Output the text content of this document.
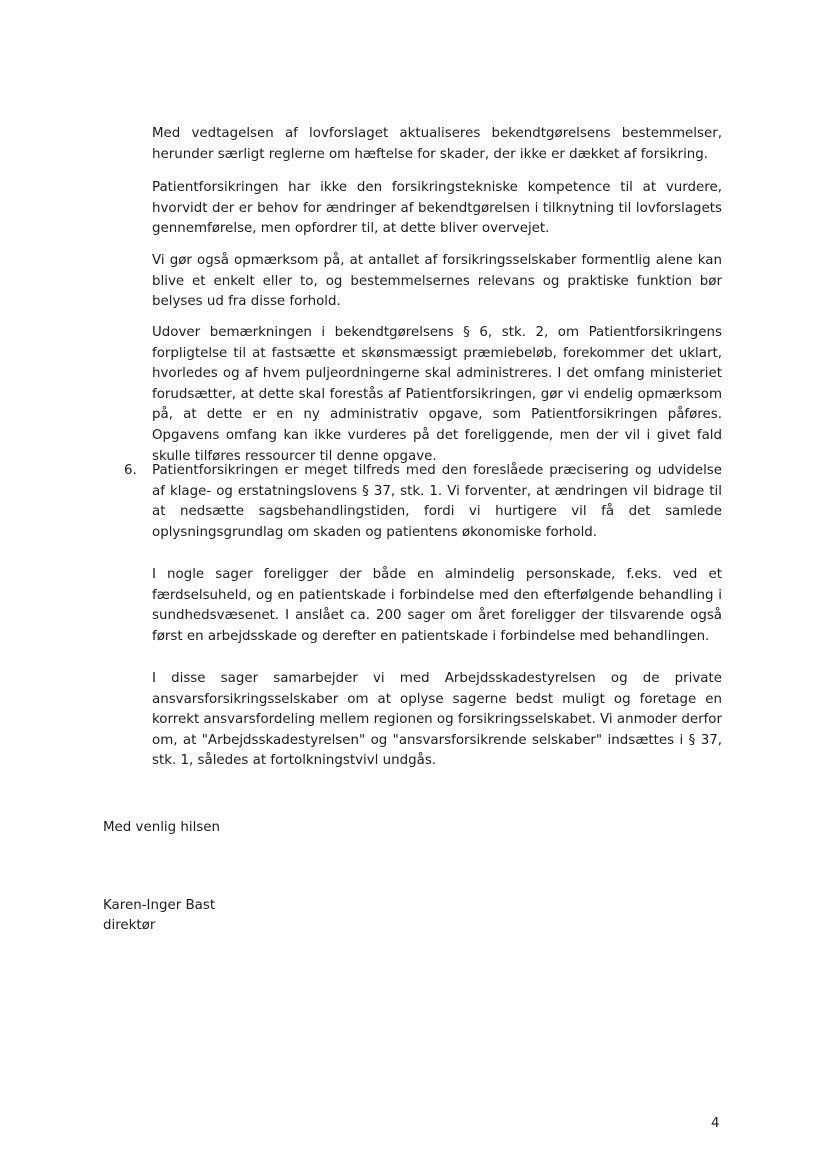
Med vedtagelsen af lovforslaget aktualiseres bekendtgørelsens bestemmelser, herunder særligt reglerne om hæftelse for skader, der ikke er dækket af forsikring.

Patientforsikringen har ikke den forsikringstekniske kompetence til at vurdere, hvorvidt der er behov for ændringer af bekendtgørelsen i tilknytning til lovforslagets gennemførelse, men opfordrer til, at dette bliver overvejet.

Vi gør også opmærksom på, at antallet af forsikringsselskaber formentlig alene kan blive et enkelt eller to, og bestemmelsernes relevans og praktiske funktion bør belyses ud fra disse forhold.

Udover bemærkningen i bekendtgørelsens § 6, stk. 2, om Patientforsikringens forpligtelse til at fastsætte et skønsmæssigt præmiebeløb, forekommer det uklart, hvorledes og af hvem puljeordningerne skal administreres. I det omfang ministeriet forudsætter, at dette skal forestås af Patientforsikringen, gør vi endelig opmærksom på, at dette er en ny administrativ opgave, som Patientforsikringen påføres. Opgavens omfang kan ikke vurderes på det foreliggende, men der vil i givet fald skulle tilføres ressourcer til denne opgave.

6. Patientforsikringen er meget tilfreds med den foreslåede præcisering og udvidelse af klage- og erstatningslovens § 37, stk. 1. Vi forventer, at ændringen vil bidrage til at nedsætte sagsbehandlingstiden, fordi vi hurtigere vil få det samlede oplysningsgrundlag om skaden og patientens økonomiske forhold.

I nogle sager foreligger der både en almindelig personskade, f.eks. ved et færdselsuheld, og en patientskade i forbindelse med den efterfølgende behandling i sundhedsvæsenet. I anslået ca. 200 sager om året foreligger der tilsvarende også først en arbejdsskade og derefter en patientskade i forbindelse med behandlingen.

I disse sager samarbejder vi med Arbejdsskadestyrelsen og de private ansvarsforsikringsselskaber om at oplyse sagerne bedst muligt og foretage en korrekt ansvarsfordeling mellem regionen og forsikringsselskabet. Vi anmoder derfor om, at "Arbejdsskadestyrelsen" og "ansvarsforsikrende selskaber" indsættes i § 37, stk. 1, således at fortolkningstvivl undgås.

Med venlig hilsen
Karen-Inger Bast
direktør
4
